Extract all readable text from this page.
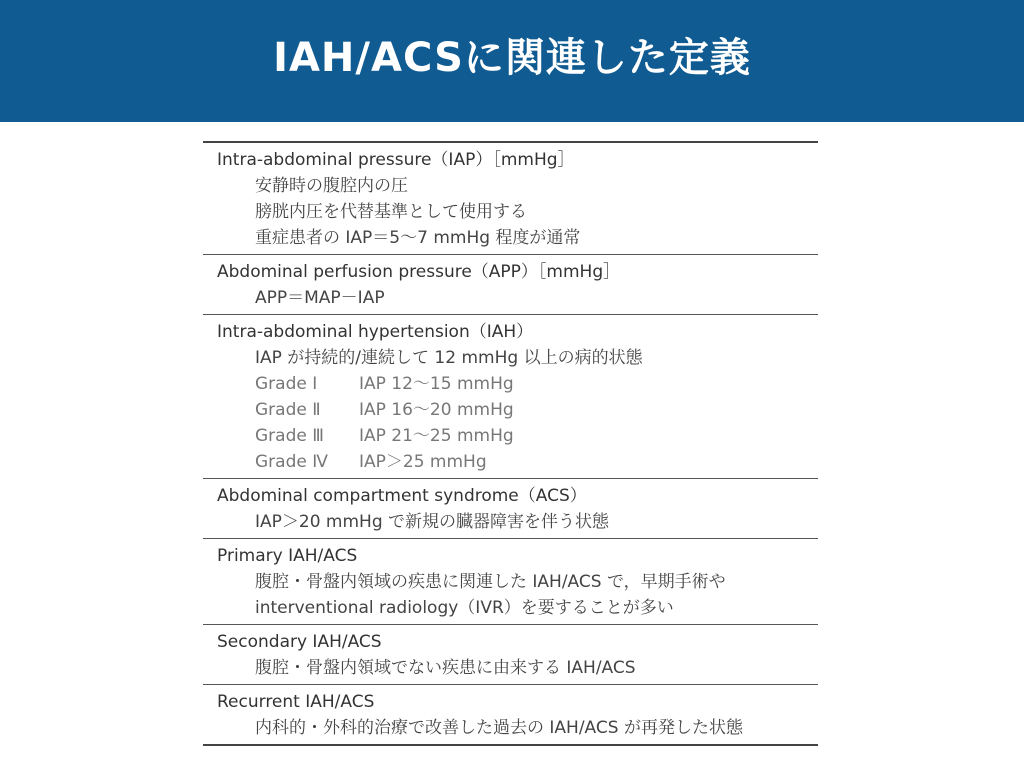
IAH/ACSに関連した定義
Intra-abdominal pressure（IAP）［mmHg］
安静時の腹腔内の圧
膀胱内圧を代替基準として使用する
重症患者の IAP＝5〜7 mmHg 程度が通常
Abdominal perfusion pressure（APP）［mmHg］
APP＝MAP－IAP
Intra-abdominal hypertension（IAH）
IAP が持続的/連続して 12 mmHg 以上の病的状態
Grade Ⅰ	IAP 12〜15 mmHg
Grade Ⅱ	IAP 16〜20 mmHg
Grade Ⅲ	IAP 21〜25 mmHg
Grade Ⅳ	IAP＞25 mmHg
Abdominal compartment syndrome（ACS）
IAP＞20 mmHg で新規の臓器障害を伴う状態
Primary IAH/ACS
腹腔・骨盤内領域の疾患に関連した IAH/ACS で，早期手術や
interventional radiology（IVR）を要することが多い
Secondary IAH/ACS
腹腔・骨盤内領域でない疾患に由来する IAH/ACS
Recurrent IAH/ACS
内科的・外科的治療で改善した過去の IAH/ACS が再発した状態
